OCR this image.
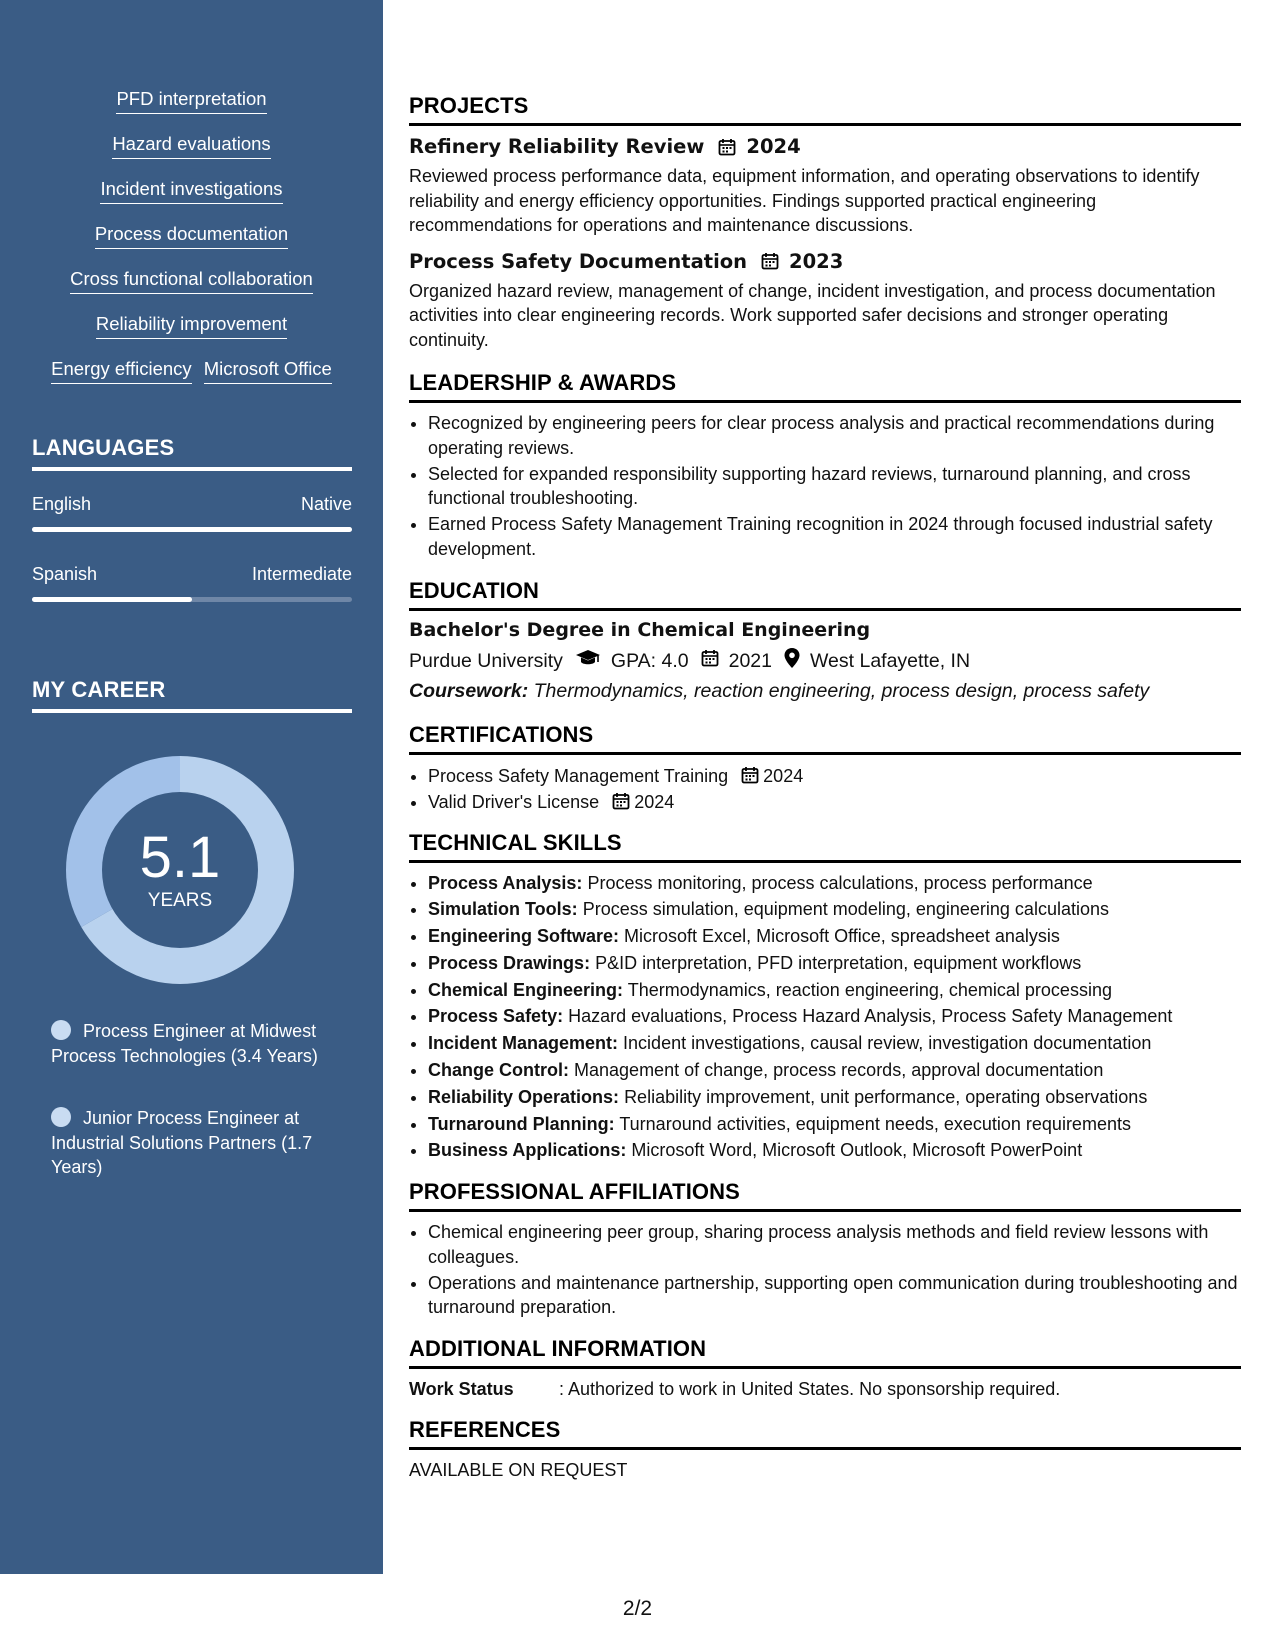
PFD interpretation
Hazard evaluations
Incident investigations
Process documentation
Cross functional collaboration
Reliability improvement
Energy efficiency Microsoft Office
LANGUAGES
English	Native
Spanish	Intermediate
MY CAREER
5.1
YEARS
Process Engineer at Midwest Process Technologies (3.4 Years)
Junior Process Engineer at Industrial Solutions Partners (1.7 Years)
PROJECTS
Refinery Reliability Review 2024
Reviewed process performance data, equipment information, and operating observations to identify reliability and energy efficiency opportunities. Findings supported practical engineering recommendations for operations and maintenance discussions.
Process Safety Documentation 2023
Organized hazard review, management of change, incident investigation, and process documentation activities into clear engineering records. Work supported safer decisions and stronger operating continuity.
LEADERSHIP & AWARDS
• Recognized by engineering peers for clear process analysis and practical recommendations during operating reviews.
• Selected for expanded responsibility supporting hazard reviews, turnaround planning, and cross functional troubleshooting.
• Earned Process Safety Management Training recognition in 2024 through focused industrial safety development.
EDUCATION
Bachelor's Degree in Chemical Engineering
Purdue University GPA: 4.0 2021 West Lafayette, IN
Coursework: Thermodynamics, reaction engineering, process design, process safety
CERTIFICATIONS
• Process Safety Management Training 2024
• Valid Driver's License 2024
TECHNICAL SKILLS
• Process Analysis: Process monitoring, process calculations, process performance
• Simulation Tools: Process simulation, equipment modeling, engineering calculations
• Engineering Software: Microsoft Excel, Microsoft Office, spreadsheet analysis
• Process Drawings: P&ID interpretation, PFD interpretation, equipment workflows
• Chemical Engineering: Thermodynamics, reaction engineering, chemical processing
• Process Safety: Hazard evaluations, Process Hazard Analysis, Process Safety Management
• Incident Management: Incident investigations, causal review, investigation documentation
• Change Control: Management of change, process records, approval documentation
• Reliability Operations: Reliability improvement, unit performance, operating observations
• Turnaround Planning: Turnaround activities, equipment needs, execution requirements
• Business Applications: Microsoft Word, Microsoft Outlook, Microsoft PowerPoint
PROFESSIONAL AFFILIATIONS
• Chemical engineering peer group, sharing process analysis methods and field review lessons with colleagues.
• Operations and maintenance partnership, supporting open communication during troubleshooting and turnaround preparation.
ADDITIONAL INFORMATION
Work Status	: Authorized to work in United States. No sponsorship required.
REFERENCES
AVAILABLE ON REQUEST
2/2
